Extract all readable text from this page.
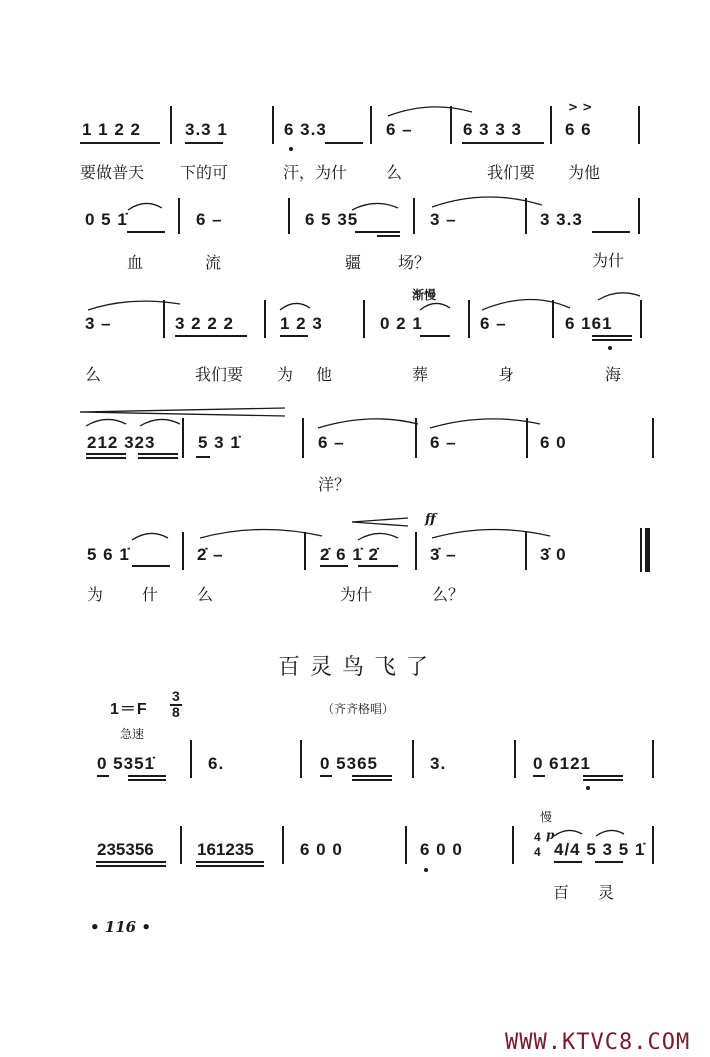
1 1 2 2	3.3 1	6 3.3	6 –	6 3 3 3	6 6
> >
要做普天 下的可	汗，为什 么	我们要 为他
0 5 1̇	6 –	6 5 35	3 –	3 3.3
血	流	疆 场？	为什
渐慢
3 –	3 2 2 2	1 2 3	0 2 1	6 –	6 161
么	我们要 为 他	葬	身	海
212 323	5 3 1̇	6 –	6 –	6 0
洋？
ff
5 6 1̇	2̇ –	2̇ 6 1̇ 2̇	3̇ –	3̇ 0
为 什 么	为什	么？
百灵鸟飞了
1＝F
3
8	（齐齐格唱）
急速
0 5351̇	6.	0 5365	3.	0 6121
慢
p
235356	161235	6 0 0	6 0 0
4
4 4/4 5 3 5 1̇
百 灵
• 116 •
WWW.KTVC8.COM
